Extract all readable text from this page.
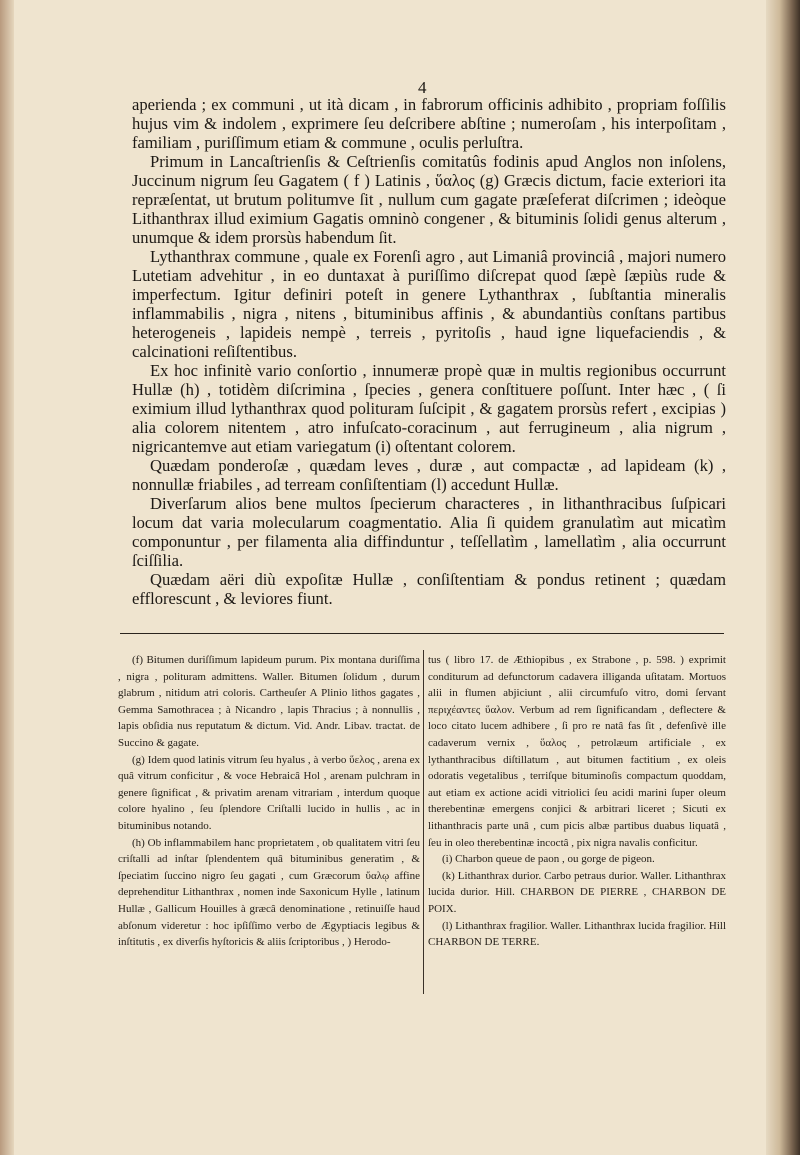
4

aperienda ; ex communi , ut ità dicam , in fabrorum officinis adhibito , propriam foſſilis hujus vim & indolem , exprimere ſeu deſcribere abſtine ; numeroſam , his interpoſitam , familiam , puriſſimum etiam & commune , oculis perluſtra.

Primum in Lancaſtrienſis & Ceſtrienſis comitatûs fodinis apud Anglos non inſolens, Juccinum nigrum ſeu Gagatem ( f ) Latinis , ὕαλος (g) Græcis dictum, facie exteriori ita repræſentat, ut brutum politumve ſit , nullum cum gagate præſeferat diſcrimen ; ideòque Lithanthrax illud eximium Gagatis omninò congener , & bituminis ſolidi genus alterum , unumque & idem prorsùs habendum ſit.

Lythanthrax commune , quale ex Forenſi agro , aut Limaniâ provinciâ , majori numero Lutetiam advehitur , in eo duntaxat à puriſſimo diſcrepat quod ſæpè ſæpiùs rude & imperfectum. Igitur definiri poteſt in genere Lythanthrax , ſubſtantia mineralis inflammabilis , nigra , nitens , bituminibus affinis , & abundantiùs conſtans partibus heterogeneis , lapideis nempè , terreis , pyritoſis , haud igne liquefaciendis , & calcinationi reſiſtentibus.

Ex hoc infinitè vario conſortio , innumeræ propè quæ in multis regionibus occurrunt Hullæ (h) , totidèm diſcrimina , ſpecies , genera conſtituere poſſunt. Inter hæc , ( ſi eximium illud lythanthrax quod polituram ſuſcipit , & gagatem prorsùs refert , excipias ) alia colorem nitentem , atro infuſcato-coracinum , aut ferrugineum , alia nigrum , nigricantemve aut etiam variegatum (i) oſtentant colorem.

Quædam ponderoſæ , quædam leves , duræ , aut compactæ , ad lapideam (k) , nonnullæ friabiles , ad terream conſiſtentiam (l) accedunt Hullæ.

Diverſarum alios bene multos ſpecierum characteres , in lithanthracibus ſuſpicari locum dat varia molecularum coagmentatio. Alia ſi quidem granulatìm aut micatìm componuntur , per filamenta alia diffinduntur , teſſellatìm , lamellatìm , alia occurrunt ſciſſilia.

Quædam aëri diù expoſitæ Hullæ , conſiſtentiam & pondus retinent ; quædam efflorescunt , & leviores fiunt.

(f) Bitumen duriſſimum lapideum purum. Pix montana duriſſima , nigra , polituram admittens. Waller. Bitumen ſolidum , durum glabrum , nitidum atri coloris. Cartheuſer A Plinio lithos gagates , Gemma Samothracea ; à Nicandro , lapis Thracius ; à nonnullis , lapis obſidia nus reputatum & dictum. Vid. Andr. Libav. tractat. de Succino & gagate.

(g) Idem quod latinis vitrum ſeu hyalus , à verbo ὕελος , arena ex quâ vitrum conficitur , & voce Hebraicâ Hol , arenam pulchram in genere ſignificat , & privatim arenam vitrariam , interdum quoque colore hyalino , ſeu ſplendore Criſtalli lucido in hullis , ac in bituminibus notando.

(h) Ob inflammabilem hanc proprietatem , ob qualitatem vitri ſeu criſtalli ad inſtar ſplendentem quâ bituminibus generatìm , & ſpeciatìm ſuccino nigro ſeu gagati , cum Græcorum ὕαλῳ affine deprehenditur Lithanthrax , nomen inde Saxonicum Hylle , latinum Hullæ , Gallicum Houilles à græcâ denominatione , retinuiſſe haud abſonum videretur : hoc ipſiſſimo verbo de Ægyptiacis legibus & inſtitutis , ex diverſis hyſtoricis & aliis ſcriptoribus , ) Herodo-

tus ( libro 17. de Æthiopibus , ex Strabone , p. 598. ) exprimit conditurum ad defunctorum cadavera illiganda uſitatam. Mortuos alii in flumen abjiciunt , alii circumfuſo vitro, domi ſervant περιχέαντες ὕαλον. Verbum ad rem ſignificandam , deflectere & loco citato lucem adhibere , ſi pro re natâ fas ſit , defenſivè ille cadaverum vernix , ὕαλος , petrolæum artificiale , ex lythanthracibus diſtillatum , aut bitumen factitium , ex oleis odoratis vegetalibus , terriſque bituminoſis compactum quoddam, aut etiam ex actione acidi vitriolici ſeu acidi marini ſuper oleum therebentinæ emergens conjici & arbitrari liceret ; Sicuti ex lithanthracis parte unâ , cum picis albæ partibus duabus liquatâ , ſeu in oleo therebentinæ incoctâ , pix nigra navalis conficitur.

(i) Charbon queue de paon , ou gorge de pigeon.

(k) Lithanthrax durior. Carbo petraus durior. Waller. Lithanthrax lucida durior. Hill. CHARBON DE PIERRE , CHARBON DE POIX.

(l) Lithanthrax fragilior. Waller. Lithanthrax lucida fragilior. Hill CHARBON DE TERRE.
